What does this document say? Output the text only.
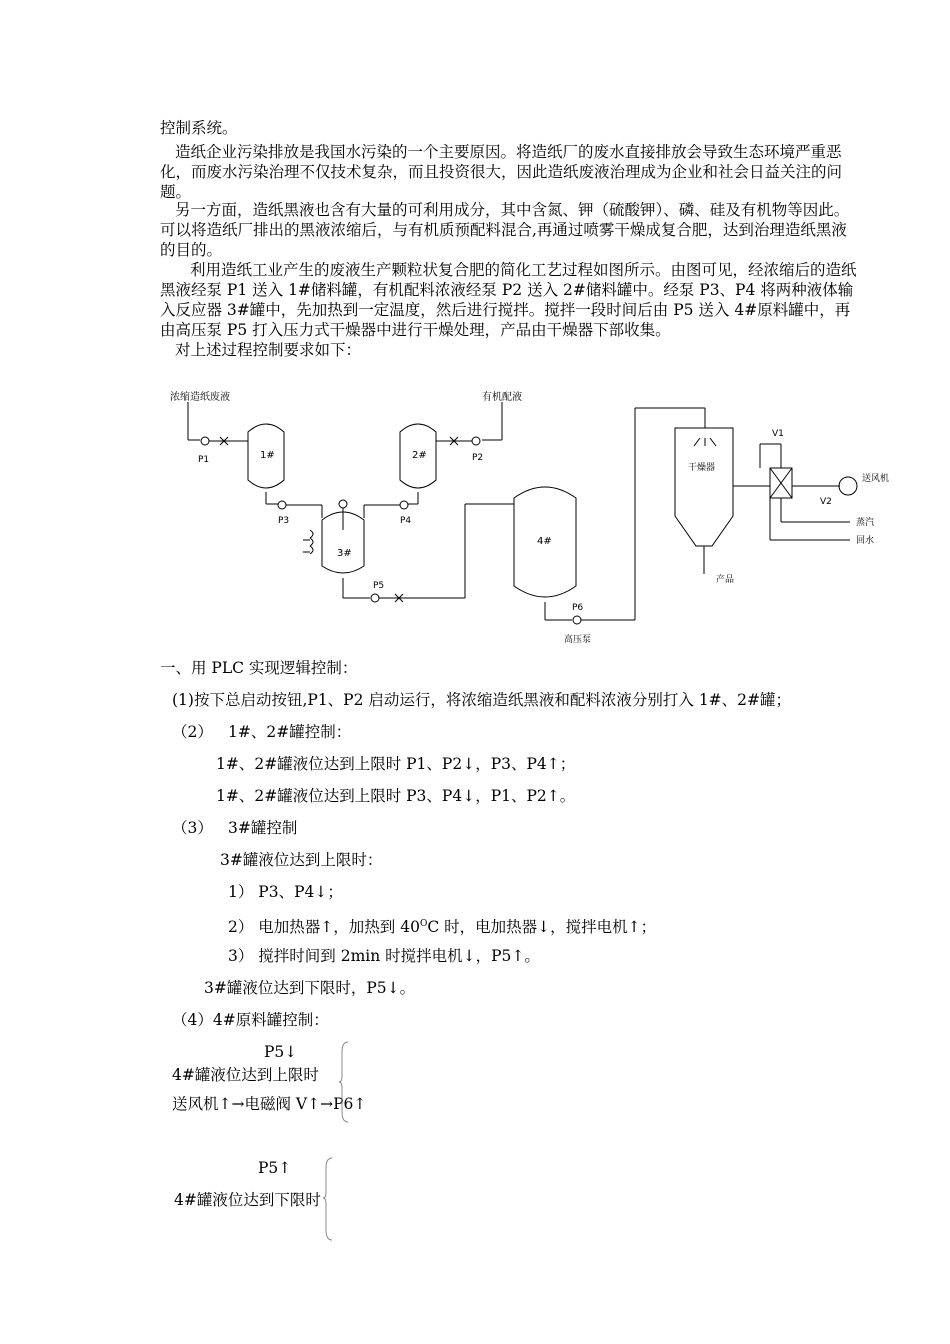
控制系统。

造纸企业污染排放是我国水污染的一个主要原因。将造纸厂的废水直接排放会导致生态环境严重恶化，而废水污染治理不仅技术复杂，而且投资很大，因此造纸废液治理成为企业和社会日益关注的问题。

另一方面，造纸黑液也含有大量的可利用成分，其中含氮、钾（硫酸钾）、磷、硅及有机物等因此。可以将造纸厂排出的黑液浓缩后，与有机质预配料混合,再通过喷雾干燥成复合肥，达到治理造纸黑液的目的。

利用造纸工业产生的废液生产颗粒状复合肥的简化工艺过程如图所示。由图可见，经浓缩后的造纸黑液经泵 P1 送入 1#储料罐，有机配料浓液经泵 P2 送入 2#储料罐中。经泵 P3、P4 将两种液体输入反应器 3#罐中，先加热到一定温度，然后进行搅拌。搅拌一段时间后由 P5 送入 4#原料罐中，再由高压泵 P5 打入压力式干燥器中进行干燥处理，产品由干燥器下部收集。

对上述过程控制要求如下：

浓缩造纸废液	有机配液
P1	P2
P3	P4
P5
P6
1#	2#
3#
4#
干燥器
V1
V2
送风机
蒸汽
回水
产品
高压泵

一、用 PLC 实现逻辑控制：

(1)按下总启动按钮,P1、P2 启动运行，将浓缩造纸黑液和配料浓液分别打入 1#、2#罐；

（2） 1#、2#罐控制：

1#、2#罐液位达到上限时 P1、P2↓，P3、P4↑；

1#、2#罐液位达到上限时 P3、P4↓，P1、P2↑。

（3） 3#罐控制

3#罐液位达到上限时：

1） P3、P4↓；

2） 电加热器↑，加热到 $40^OC$ 时，电加热器↓，搅拌电机↑；

3） 搅拌时间到 2min 时搅拌电机↓，P5↑。

3#罐液位达到下限时，P5↓。

（4）4#原料罐控制：

P5↓

4#罐液位达到上限时

送风机↑→电磁阀 V↑→P6↑

P5↑

4#罐液位达到下限时
